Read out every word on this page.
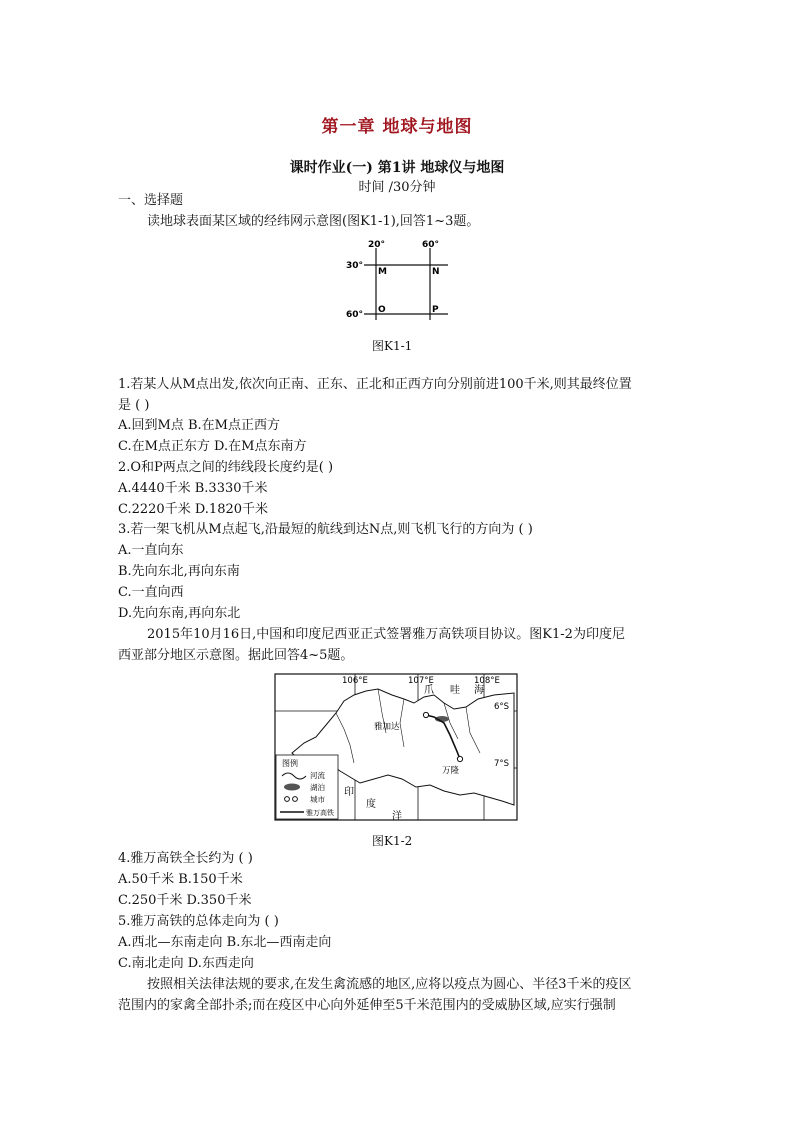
第一章 地球与地图
课时作业(一) 第1讲 地球仪与地图
时间 /30分钟
一、选择题
读地球表面某区域的经纬网示意图(图K1-1),回答1~3题。
20°	60°
30°
60°
M	N
O	P
图K1-1
1.若某人从M点出发,依次向正南、正东、正北和正西方向分别前进100千米,则其最终位置
是 ( )
A.回到M点 B.在M点正西方
C.在M点正东方 D.在M点东南方
2.O和P两点之间的纬线段长度约是( )
A.4440千米 B.3330千米
C.2220千米 D.1820千米
3.若一架飞机从M点起飞,沿最短的航线到达N点,则飞机飞行的方向为 ( )
A.一直向东
B.先向东北,再向东南
C.一直向西
D.先向东南,再向东北
2015年10月16日,中国和印度尼西亚正式签署雅万高铁项目协议。图K1-2为印度尼
西亚部分地区示意图。据此回答4~5题。
雅加达
万隆
106°E	107°E	108°E
6°S
7°S
爪 哇 海
印
度
洋
图例
河流
湖泊
城市
雅万高铁
图K1-2
4.雅万高铁全长约为 ( )
A.50千米 B.150千米
C.250千米 D.350千米
5.雅万高铁的总体走向为 ( )
A.西北—东南走向 B.东北—西南走向
C.南北走向 D.东西走向
按照相关法律法规的要求,在发生禽流感的地区,应将以疫点为圆心、半径3千米的疫区
范围内的家禽全部扑杀;而在疫区中心向外延伸至5千米范围内的受威胁区域,应实行强制
